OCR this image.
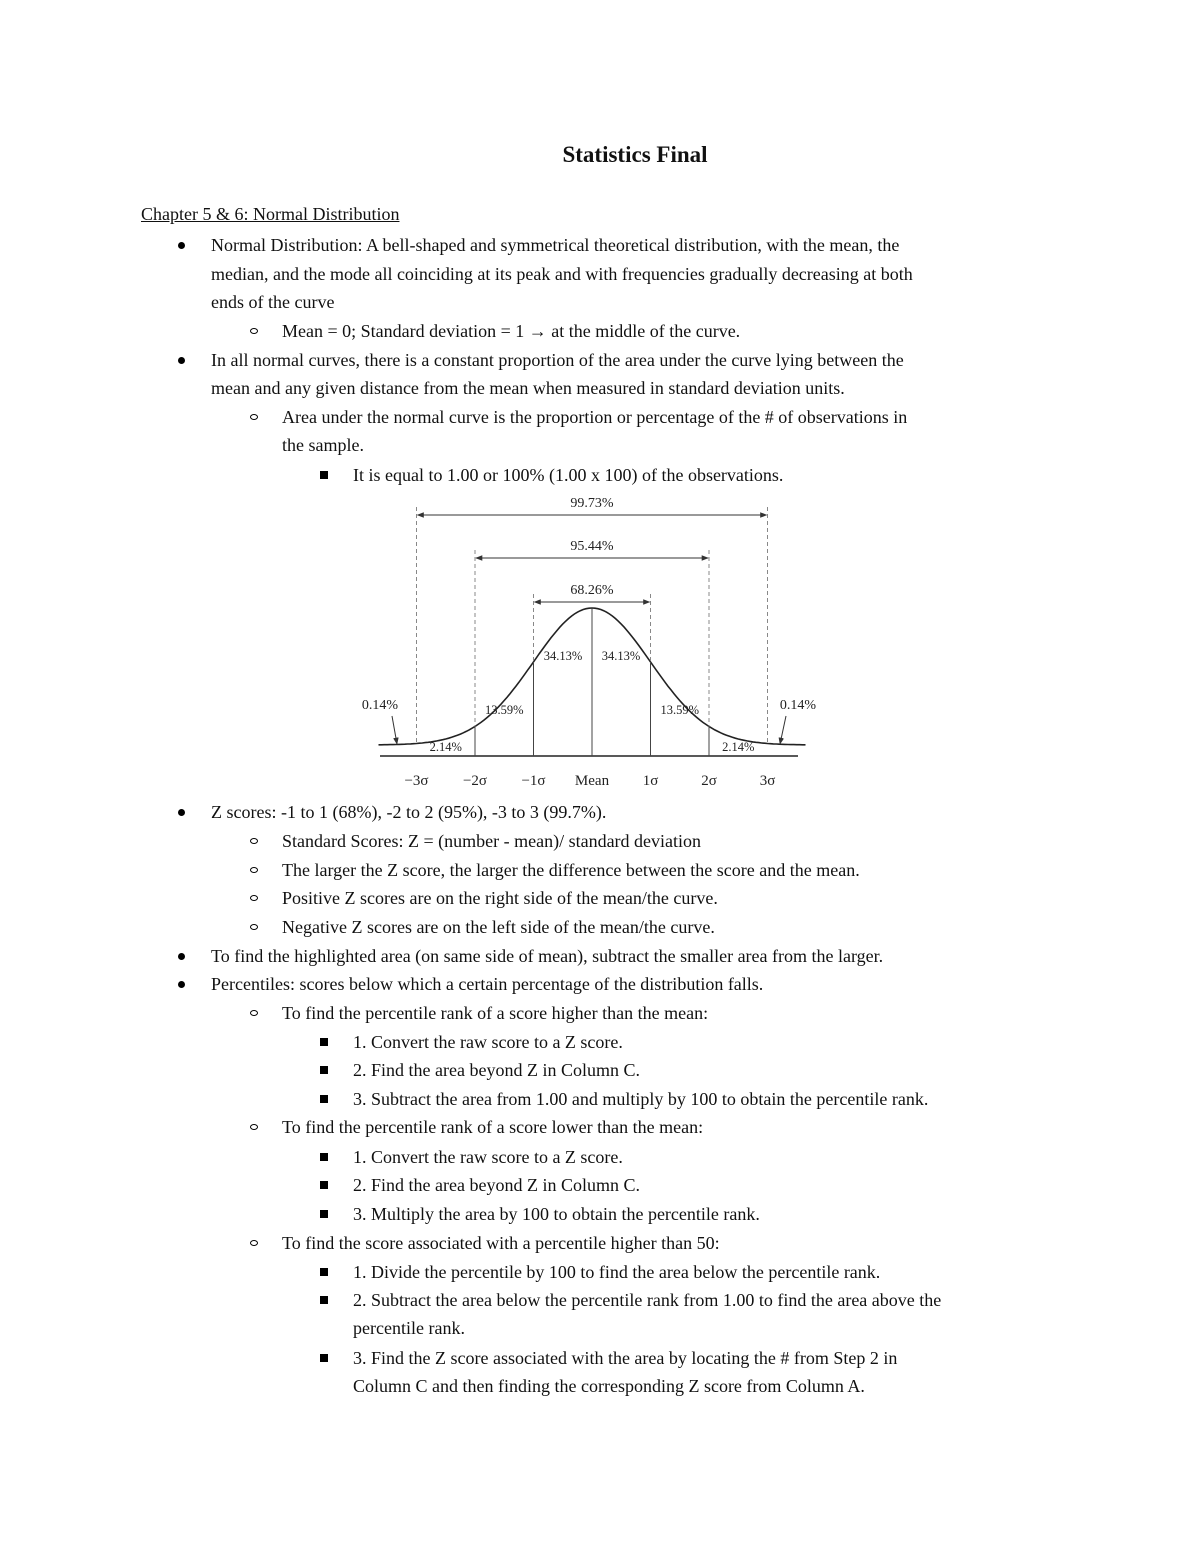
Statistics Final
Chapter 5 & 6: Normal Distribution
Normal Distribution: A bell-shaped and symmetrical theoretical distribution, with the mean, the
median, and the mode all coinciding at its peak and with frequencies gradually decreasing at both
ends of the curve
Mean = 0; Standard deviation = 1 → at the middle of the curve.
In all normal curves, there is a constant proportion of the area under the curve lying between the
mean and any given distance from the mean when measured in standard deviation units.
Area under the normal curve is the proportion or percentage of the # of observations in
the sample.
It is equal to 1.00 or 100% (1.00 x 100) of the observations.
Z scores: -1 to 1 (68%), -2 to 2 (95%), -3 to 3 (99.7%).
Standard Scores: Z = (number - mean)/ standard deviation
The larger the Z score, the larger the difference between the score and the mean.
Positive Z scores are on the right side of the mean/the curve.
Negative Z scores are on the left side of the mean/the curve.
To find the highlighted area (on same side of mean), subtract the smaller area from the larger.
Percentiles: scores below which a certain percentage of the distribution falls.
To find the percentile rank of a score higher than the mean:
1. Convert the raw score to a Z score.
2. Find the area beyond Z in Column C.
3. Subtract the area from 1.00 and multiply by 100 to obtain the percentile rank.
To find the percentile rank of a score lower than the mean:
1. Convert the raw score to a Z score.
2. Find the area beyond Z in Column C.
3. Multiply the area by 100 to obtain the percentile rank.
To find the score associated with a percentile higher than 50:
1. Divide the percentile by 100 to find the area below the percentile rank.
2. Subtract the area below the percentile rank from 1.00 to find the area above the
percentile rank.
3. Find the Z score associated with the area by locating the # from Step 2 in
Column C and then finding the corresponding Z score from Column A.
68.26%
95.44%
99.73%
34.13% 34.13%
13.59%	13.59%
2.14%	2.14%
0.14%	0.14%
−3σ −2σ −1σ Mean 1σ	2σ	3σ
